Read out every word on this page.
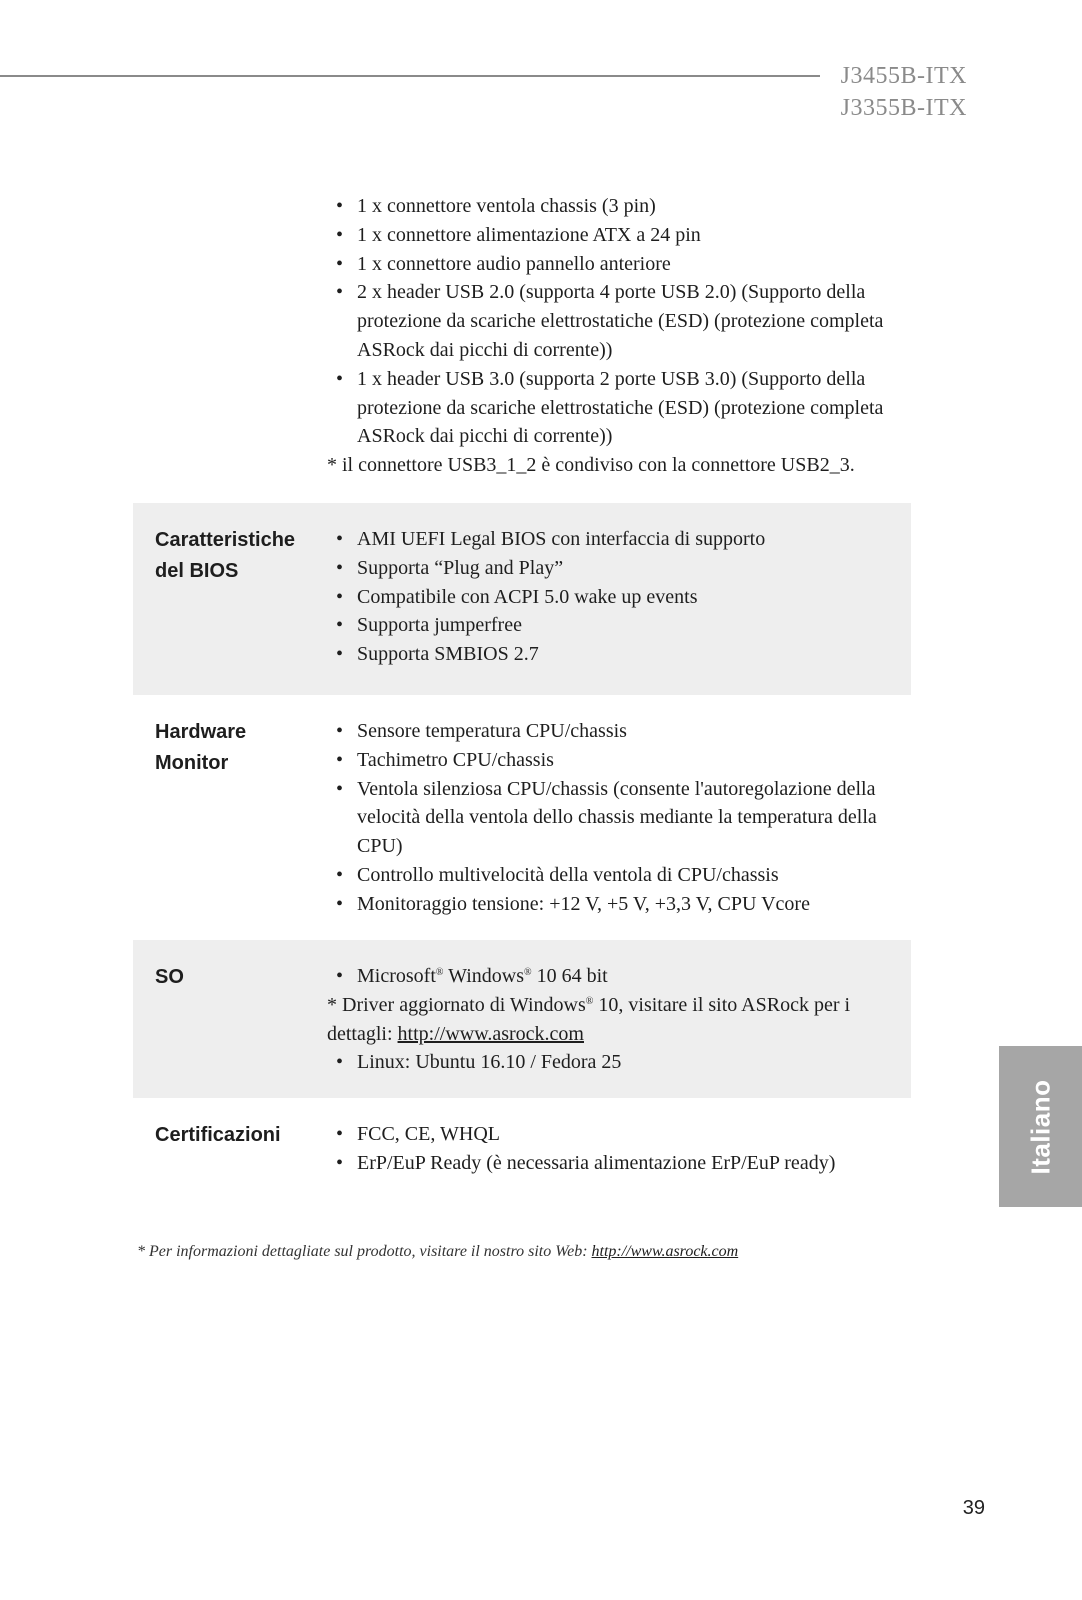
J3455B-ITX
J3355B-ITX
• 1 x connettore ventola chassis (3 pin)
• 1 x connettore alimentazione ATX a 24 pin
• 1 x connettore audio pannello anteriore
• 2 x header USB 2.0 (supporta 4 porte USB 2.0) (Supporto della protezione da scariche elettrostatiche (ESD) (protezione completa ASRock dai picchi di corrente))
• 1 x header USB 3.0 (supporta 2 porte USB 3.0) (Supporto della protezione da scariche elettrostatiche (ESD) (protezione completa ASRock dai picchi di corrente))

* il connettore USB3_1_2 è condiviso con la connettore USB2_3.

Caratteristiche
del BIOS
• AMI UEFI Legal BIOS con interfaccia di supporto
• Supporta “Plug and Play”
• Compatibile con ACPI 5.0 wake up events
• Supporta jumperfree
• Supporta SMBIOS 2.7
Hardware
Monitor
• Sensore temperatura CPU/chassis
• Tachimetro CPU/chassis
• Ventola silenziosa CPU/chassis (consente l'autoregolazione della velocità della ventola dello chassis mediante la temperatura della CPU)
• Controllo multivelocità della ventola di CPU/chassis
• Monitoraggio tensione: +12 V, +5 V, +3,3 V, CPU Vcore
SO	• Microsoft® Windows® 10 64 bit

* Driver aggiornato di Windows® 10, visitare il sito ASRock per i dettagli: http://www.asrock.com

• Linux: Ubuntu 16.10 / Fedora 25
Certificazioni	• FCC, CE, WHQL
• ErP/EuP Ready (è necessaria alimentazione ErP/EuP ready)
* Per informazioni dettagliate sul prodotto, visitare il nostro sito Web: http://www.asrock.com
Italiano
39
